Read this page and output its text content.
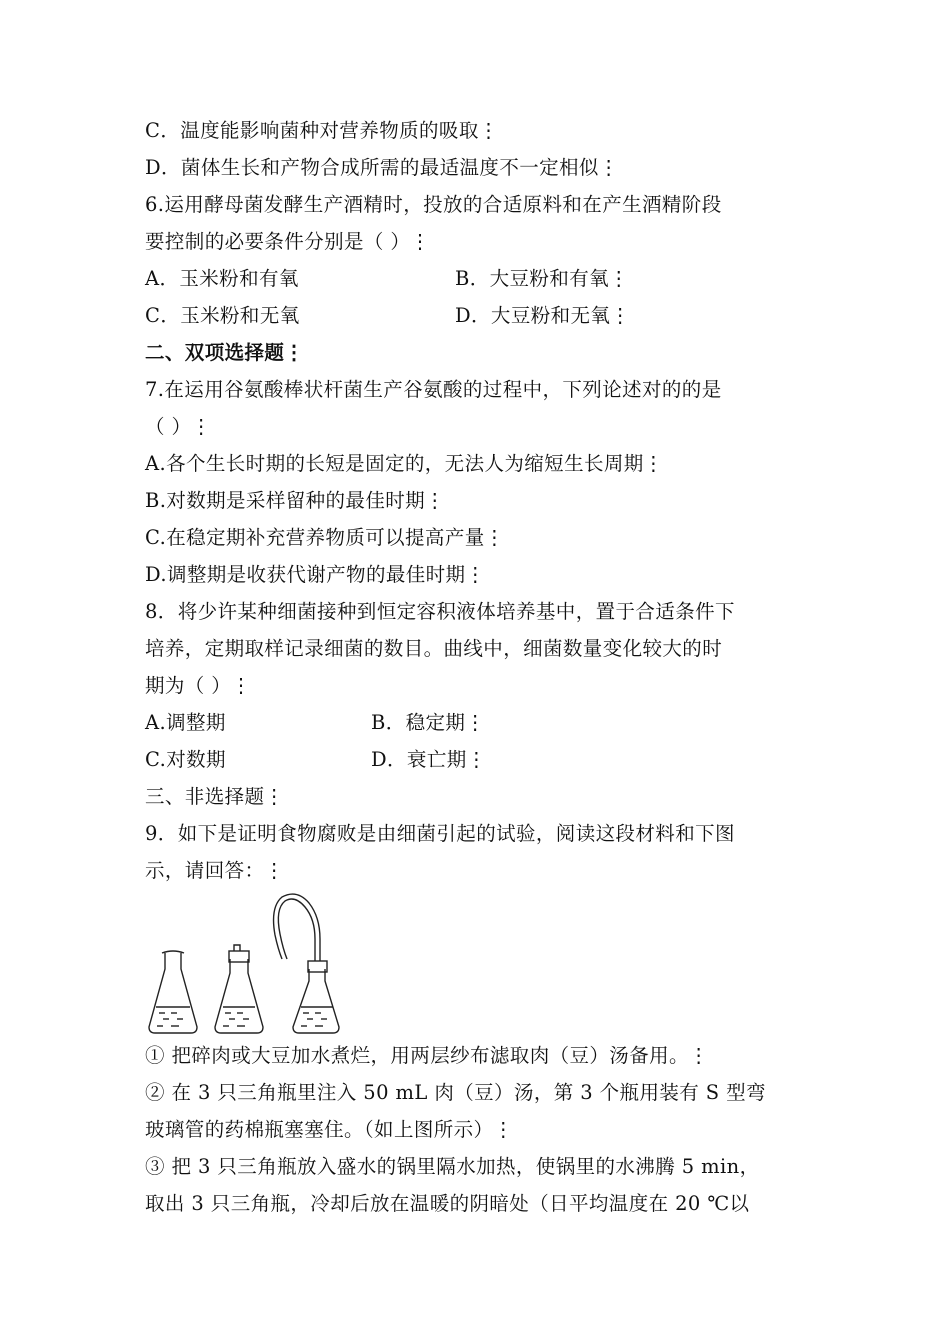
C．温度能影响菌种对营养物质的吸取⋮
D．菌体生长和产物合成所需的最适温度不一定相似⋮
6.运用酵母菌发酵生产酒精时，投放的合适原料和在产生酒精阶段
要控制的必要条件分别是（ ）⋮
A．玉米粉和有氧	B．大豆粉和有氧⋮
C．玉米粉和无氧	D．大豆粉和无氧⋮
二、双项选择题⋮
7.在运用谷氨酸棒状杆菌生产谷氨酸的过程中，下列论述对的的是
（ ）⋮
A.各个生长时期的长短是固定的，无法人为缩短生长周期⋮
B.对数期是采样留种的最佳时期⋮
C.在稳定期补充营养物质可以提高产量⋮
D.调整期是收获代谢产物的最佳时期⋮
8．将少许某种细菌接种到恒定容积液体培养基中，置于合适条件下
培养，定期取样记录细菌的数目。曲线中，细菌数量变化较大的时
期为（ ）⋮
A.调整期	B．稳定期⋮
C.对数期	D．衰亡期⋮
三、非选择题⋮
9．如下是证明食物腐败是由细菌引起的试验，阅读这段材料和下图
示，请回答：⋮
① 把碎肉或大豆加水煮烂，用两层纱布滤取肉（豆）汤备用。⋮
② 在 3 只三角瓶里注入 50 mL 肉（豆）汤，第 3 个瓶用装有 S 型弯
玻璃管的药棉瓶塞塞住。（如上图所示）⋮
③ 把 3 只三角瓶放入盛水的锅里隔水加热，使锅里的水沸腾 5 min，
取出 3 只三角瓶，冷却后放在温暖的阴暗处（日平均温度在 20 ℃以
